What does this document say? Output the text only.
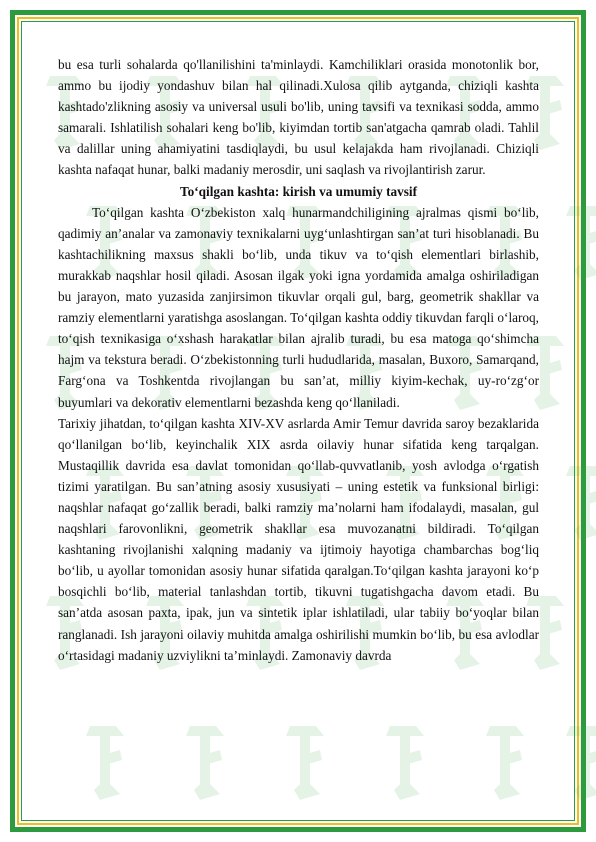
bu esa turli sohalarda qo'llanilishini ta'minlaydi. Kamchiliklari orasida monotonlik bor, ammo bu ijodiy yondashuv bilan hal qilinadi.Xulosa qilib aytganda, chiziqli kashta kashtado'zlikning asosiy va universal usuli bo'lib, uning tavsifi va texnikasi sodda, ammo samarali. Ishlatilish sohalari keng bo'lib, kiyimdan tortib san'atgacha qamrab oladi. Tahlil va dalillar uning ahamiyatini tasdiqlaydi, bu usul kelajakda ham rivojlanadi. Chiziqli kashta nafaqat hunar, balki madaniy merosdir, uni saqlash va rivojlantirish zarur.

To‘qilgan kashta: kirish va umumiy tavsif

To‘qilgan kashta O‘zbekiston xalq hunarmandchiligining ajralmas qismi bo‘lib, qadimiy an’analar va zamonaviy texnikalarni uyg‘unlashtirgan san’at turi hisoblanadi. Bu kashtachilikning maxsus shakli bo‘lib, unda tikuv va to‘qish elementlari birlashib, murakkab naqshlar hosil qiladi. Asosan ilgak yoki igna yordamida amalga oshiriladigan bu jarayon, mato yuzasida zanjirsimon tikuvlar orqali gul, barg, geometrik shakllar va ramziy elementlarni yaratishga asoslangan. To‘qilgan kashta oddiy tikuvdan farqli o‘laroq, to‘qish texnikasiga o‘xshash harakatlar bilan ajralib turadi, bu esa matoga qo‘shimcha hajm va tekstura beradi. O‘zbekistonning turli hududlarida, masalan, Buxoro, Samarqand, Farg‘ona va Toshkentda rivojlangan bu san’at, milliy kiyim-kechak, uy-ro‘zg‘or buyumlari va dekorativ elementlarni bezashda keng qo‘llaniladi.

Tarixiy jihatdan, to‘qilgan kashta XIV-XV asrlarda Amir Temur davrida saroy bezaklarida qo‘llanilgan bo‘lib, keyinchalik XIX asrda oilaviy hunar sifatida keng tarqalgan. Mustaqillik davrida esa davlat tomonidan qo‘llab-quvvatlanib, yosh avlodga o‘rgatish tizimi yaratilgan. Bu san’atning asosiy xususiyati – uning estetik va funksional birligi: naqshlar nafaqat go‘zallik beradi, balki ramziy ma’nolarni ham ifodalaydi, masalan, gul naqshlari farovonlikni, geometrik shakllar esa muvozanatni bildiradi. To‘qilgan kashtaning rivojlanishi xalqning madaniy va ijtimoiy hayotiga chambarchas bog‘liq bo‘lib, u ayollar tomonidan asosiy hunar sifatida qaralgan.To‘qilgan kashta jarayoni ko‘p bosqichli bo‘lib, material tanlashdan tortib, tikuvni tugatishgacha davom etadi. Bu san’atda asosan paxta, ipak, jun va sintetik iplar ishlatiladi, ular tabiiy bo‘yoqlar bilan ranglanadi. Ish jarayoni oilaviy muhitda amalga oshirilishi mumkin bo‘lib, bu esa avlodlar o‘rtasidagi madaniy uzviylikni ta’minlaydi. Zamonaviy davrda
